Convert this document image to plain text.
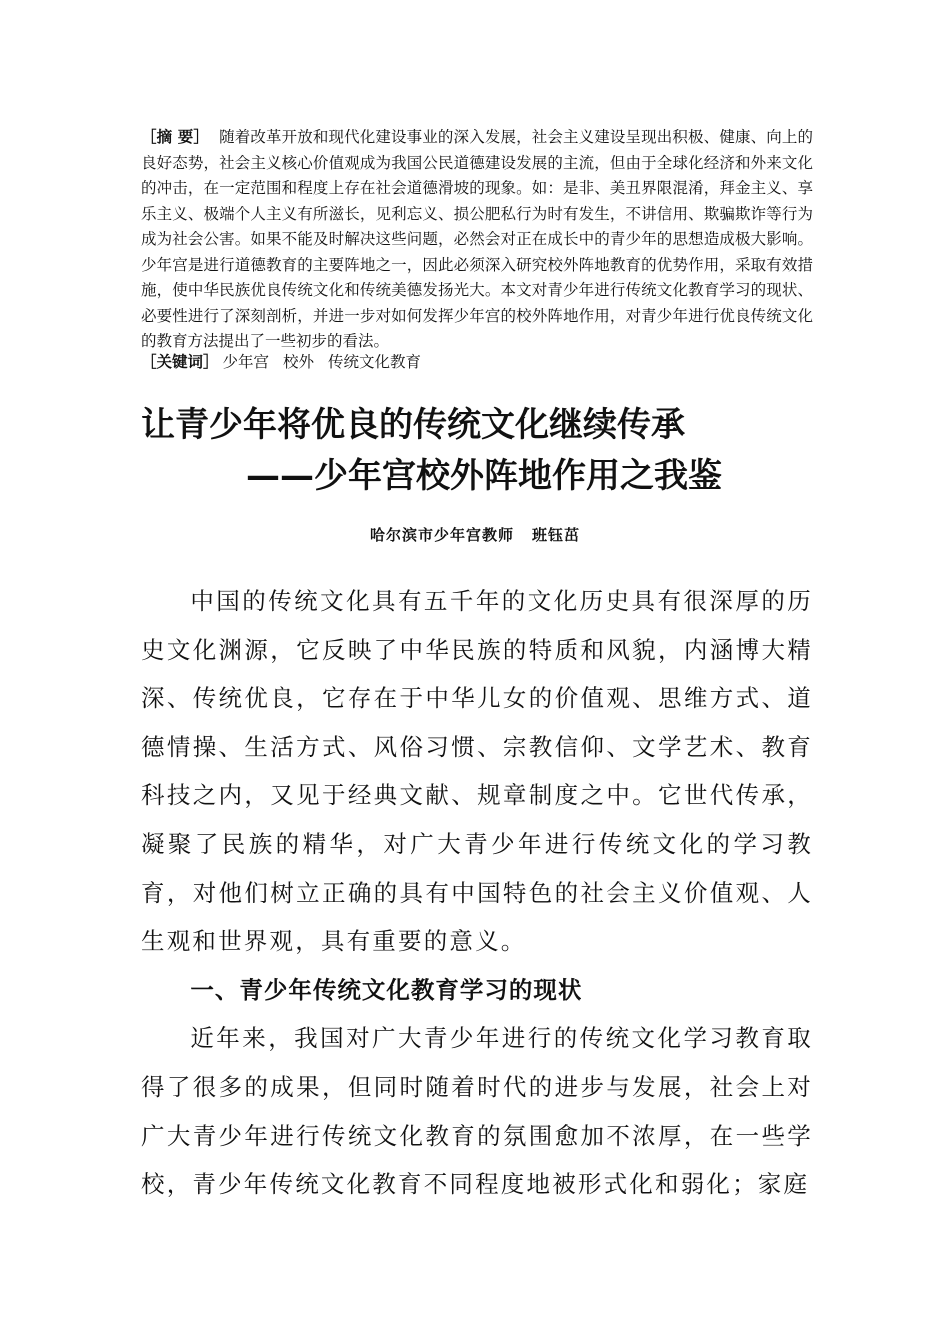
［摘 要］ 随着改革开放和现代化建设事业的深入发展，社会主义建设呈现出积极、健康、向上的良好态势，社会主义核心价值观成为我国公民道德建设发展的主流，但由于全球化经济和外来文化的冲击，在一定范围和程度上存在社会道德滑坡的现象。如：是非、美丑界限混淆，拜金主义、享乐主义、极端个人主义有所滋长，见利忘义、损公肥私行为时有发生，不讲信用、欺骗欺诈等行为成为社会公害。如果不能及时解决这些问题，必然会对正在成长中的青少年的思想造成极大影响。少年宫是进行道德教育的主要阵地之一，因此必须深入研究校外阵地教育的优势作用，采取有效措施，使中华民族优良传统文化和传统美德发扬光大。本文对青少年进行传统文化教育学习的现状、必要性进行了深刻剖析，并进一步对如何发挥少年宫的校外阵地作用，对青少年进行优良传统文化的教育方法提出了一些初步的看法。
［关键词］ 少年宫 校外 传统文化教育
让青少年将优良的传统文化继续传承
——少年宫校外阵地作用之我鉴
哈尔滨市少年宫教师 班钰茁

中国的传统文化具有五千年的文化历史具有很深厚的历史文化渊源，它反映了中华民族的特质和风貌，内涵博大精深、传统优良，它存在于中华儿女的价值观、思维方式、道德情操、生活方式、风俗习惯、宗教信仰、文学艺术、教育科技之内，又见于经典文献、规章制度之中。它世代传承，凝聚了民族的精华，对广大青少年进行传统文化的学习教育，对他们树立正确的具有中国特色的社会主义价值观、人生观和世界观，具有重要的意义。

一、青少年传统文化教育学习的现状

近年来，我国对广大青少年进行的传统文化学习教育取得了很多的成果，但同时随着时代的进步与发展，社会上对广大青少年进行传统文化教育的氛围愈加不浓厚，在一些学校，青少年传统文化教育不同程度地被形式化和弱化；家庭
